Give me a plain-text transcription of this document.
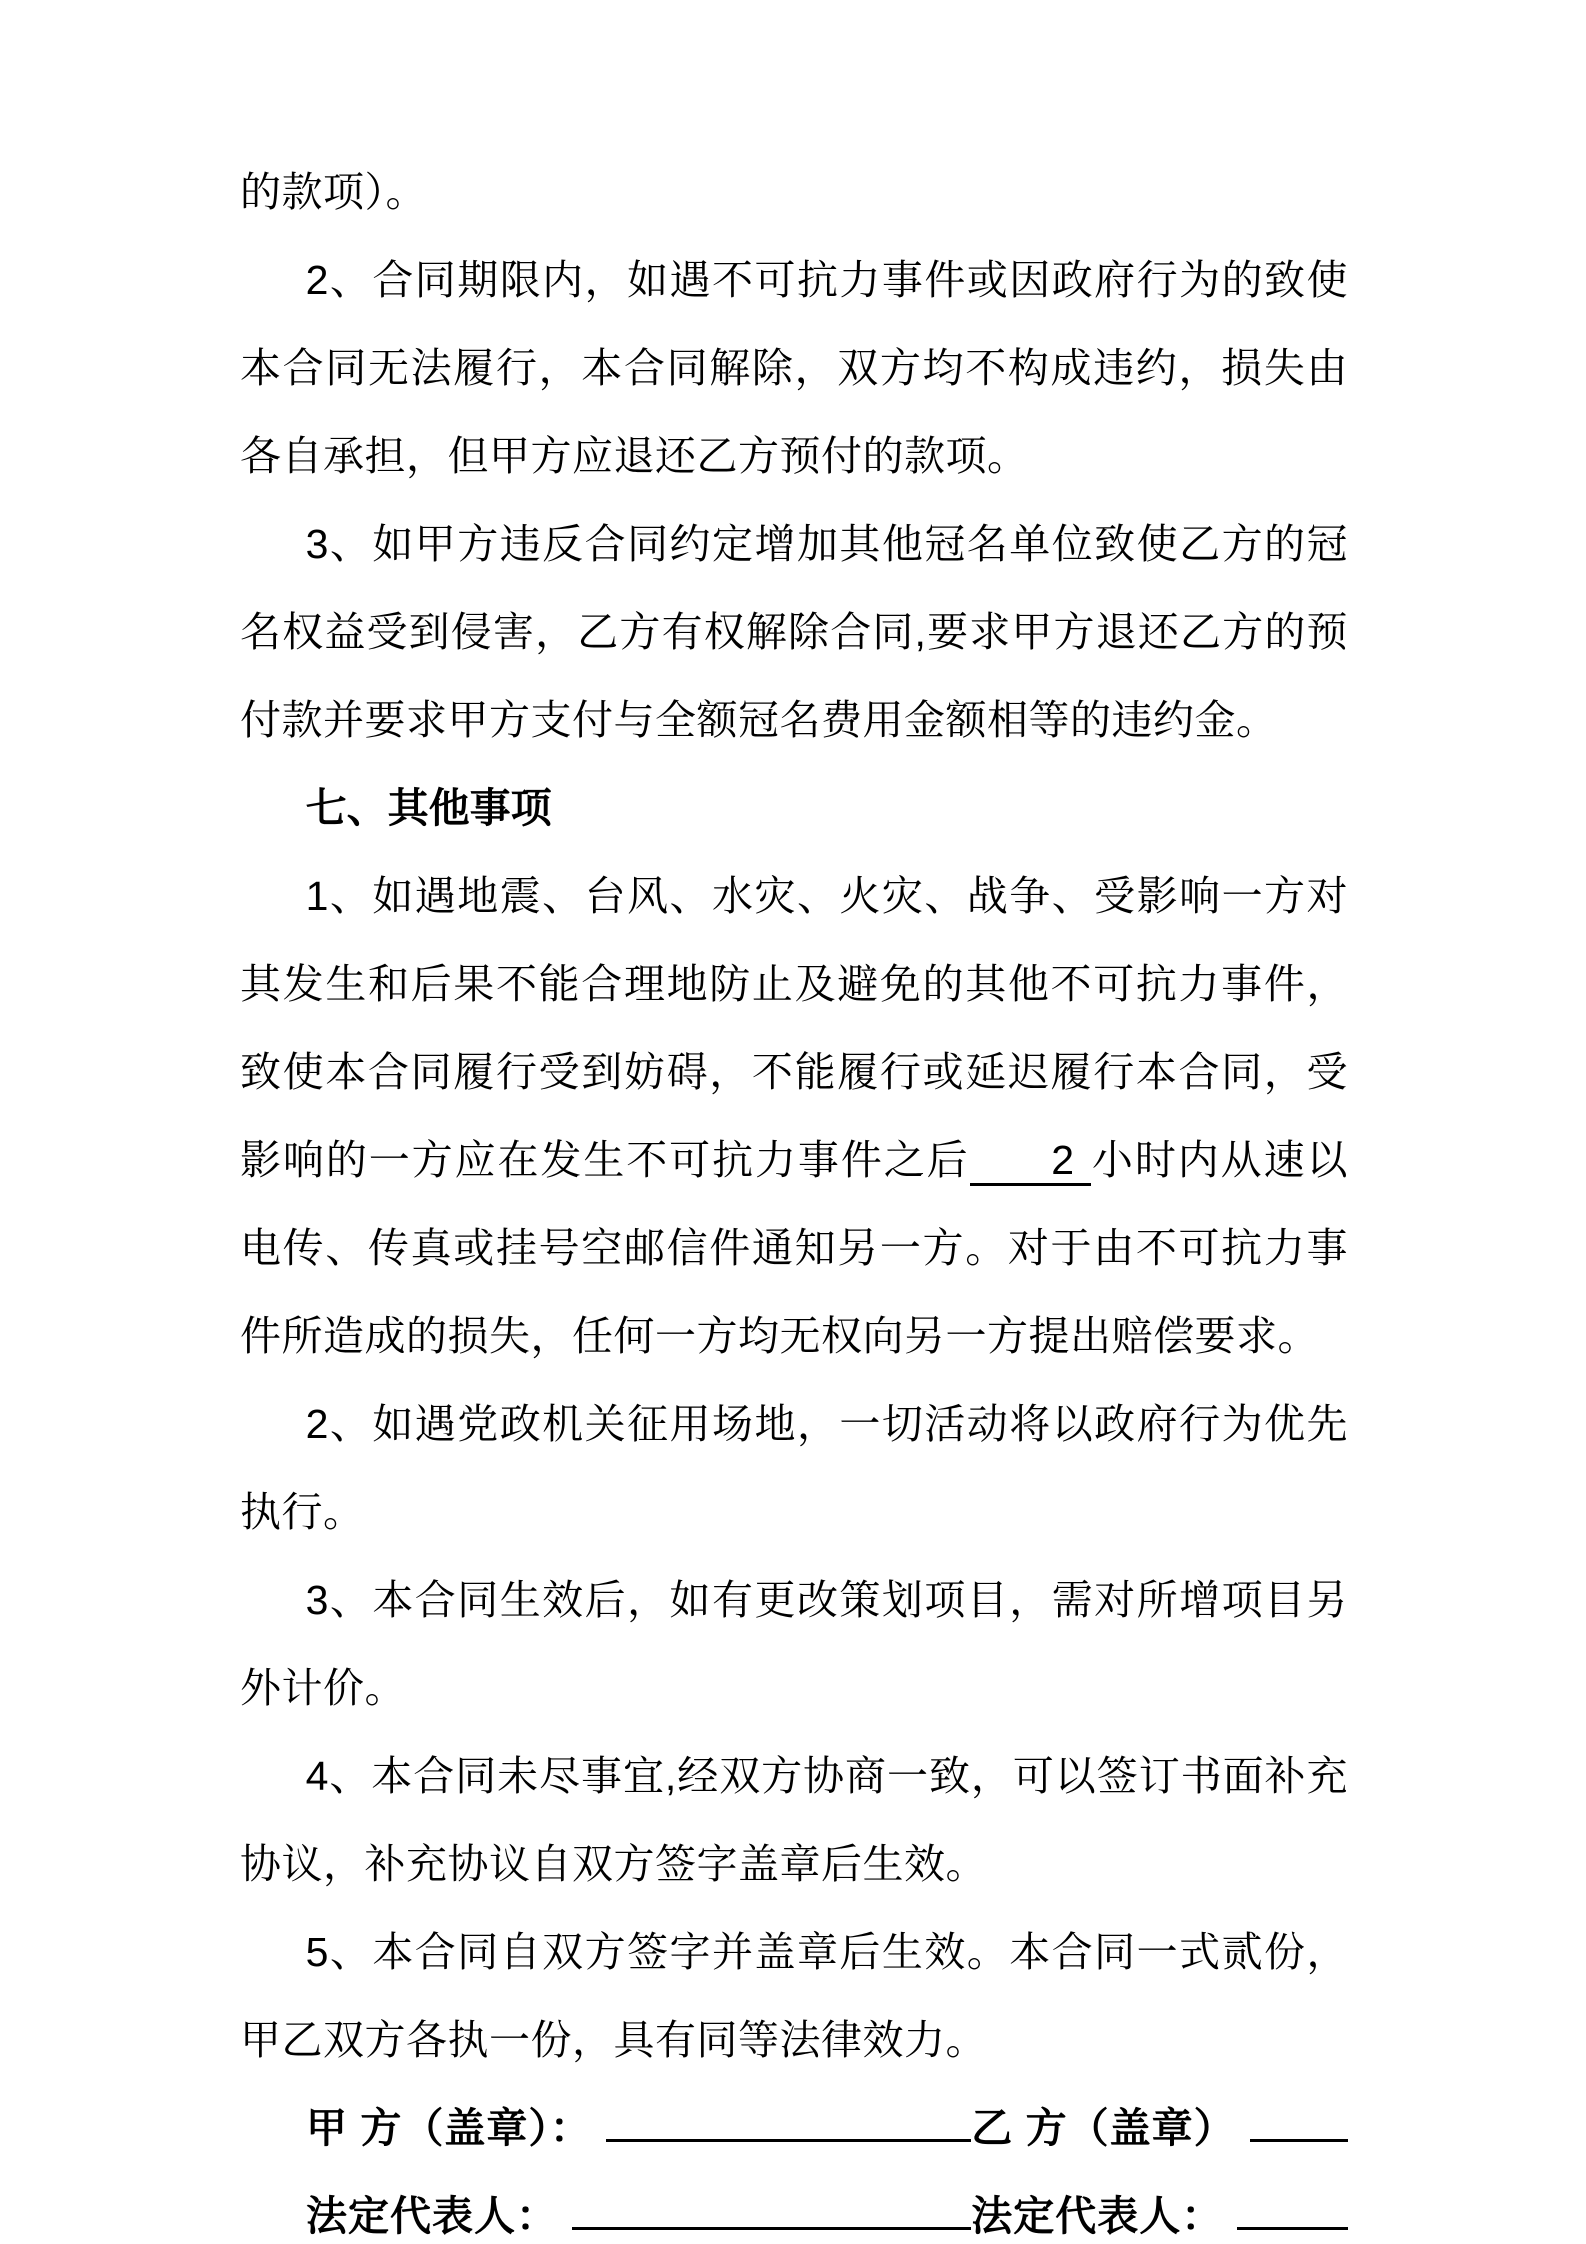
的款项）。

2、合同期限内，如遇不可抗力事件或因政府行为的致使本合同无法履行，本合同解除，双方均不构成违约，损失由各自承担，但甲方应退还乙方预付的款项。

3、如甲方违反合同约定增加其他冠名单位致使乙方的冠名权益受到侵害，乙方有权解除合同,要求甲方退还乙方的预付款并要求甲方支付与全额冠名费用金额相等的违约金。

七、其他事项

1、如遇地震、台风、水灾、火灾、战争、受影响一方对其发生和后果不能合理地防止及避免的其他不可抗力事件，致使本合同履行受到妨碍，不能履行或延迟履行本合同，受影响的一方应在发生不可抗力事件之后 2 小时内从速以电传、传真或挂号空邮信件通知另一方。对于由不可抗力事件所造成的损失，任何一方均无权向另一方提出赔偿要求。

2、如遇党政机关征用场地，一切活动将以政府行为优先执行。

3、本合同生效后，如有更改策划项目，需对所增项目另外计价。

4、本合同未尽事宜,经双方协商一致，可以签订书面补充协议，补充协议自双方签字盖章后生效。

5、本合同自双方签字并盖章后生效。本合同一式贰份，甲乙双方各执一份，具有同等法律效力。

甲 方（盖章）：	乙 方（盖章）
法定代表人：	法定代表人：
